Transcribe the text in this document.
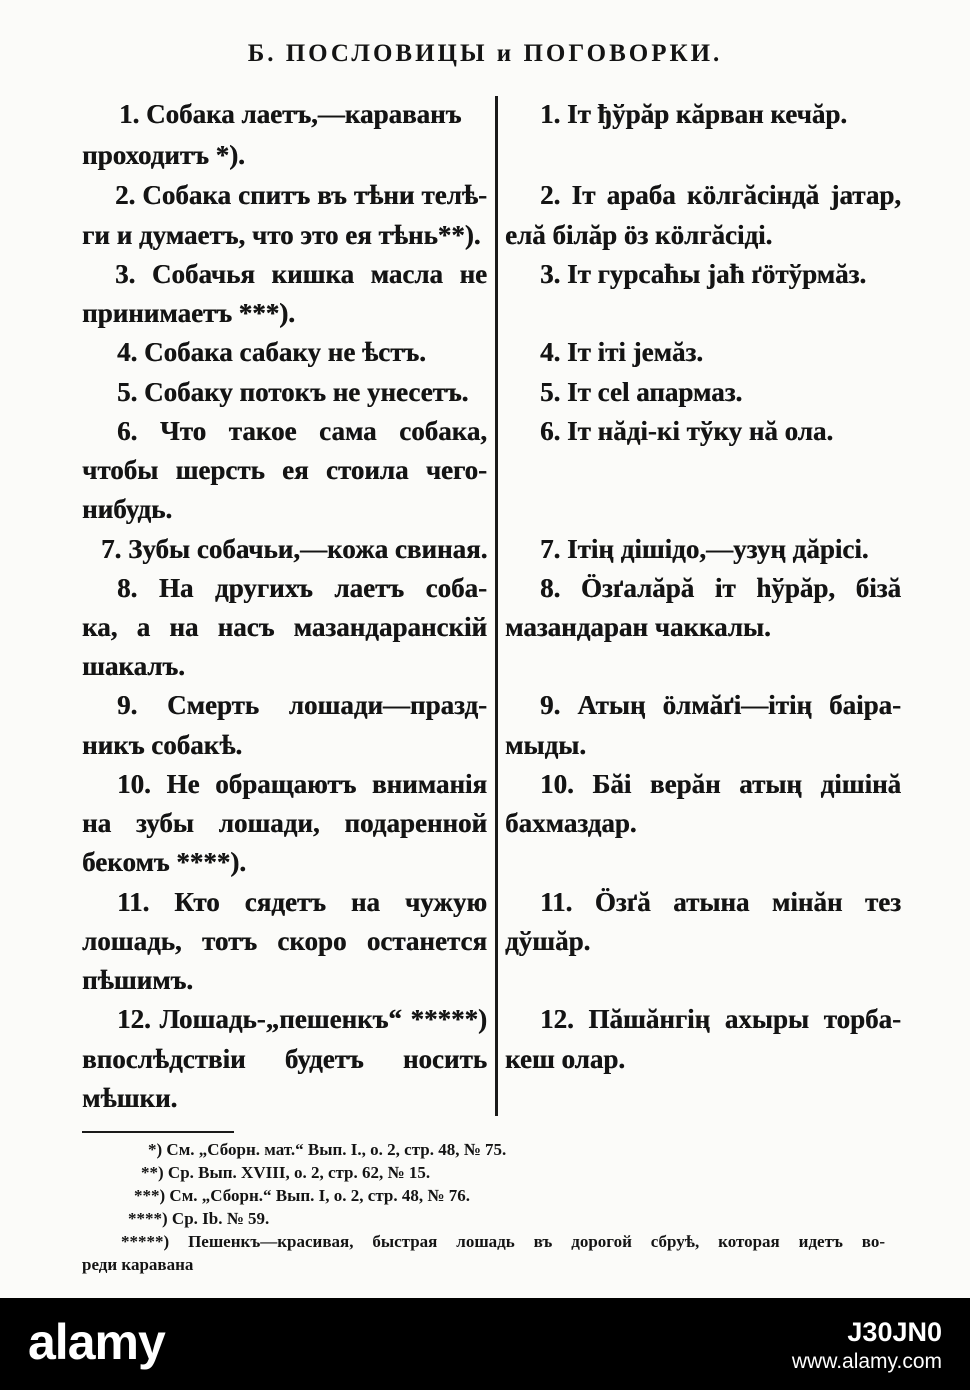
Б. ПОСЛОВИЦЫ и ПОГОВОРКИ.
1. Собака лаетъ,—караванъ
проходитъ *).
2. Собака спитъ въ тѣни телѣ-
ги и думаетъ, что это ея тѣнь**).
3. Собачья кишка масла не
принимаетъ ***).
4. Собака сабаку не ѣстъ.
5. Собаку потокъ не унесетъ.
6. Что такое сама собака,
чтобы шерсть ея стоила чего-
нибудь.
7. Зубы собачьи,—кожа свиная.
8. На другихъ лаетъ соба-
ка, а на насъ мазандаранскій
шакалъ.
9. Смерть лошади—празд-
никъ собакѣ.
10. Не обращаютъ вниманія
на зубы лошади, подаренной
бекомъ ****).
11. Кто сядетъ на чужую
лошадь, тотъ скоро останется
пѣшимъ.
12. Лошадь-„пешенкъ“ *****)
впослѣдствіи будетъ носить
мѣшки.
1. Іт ђўрăр кăрван кечăр.
2. Іт араба кöлгăсіндă jатар,
елă білăр öз кöлгăсіді.
3. Іт гурсаћы jаћ ґöтўрмăз.
4. Іт іті jемăз.
5. Іт сеl апармаз.
6. Іт нăді-кі тўку нă ола.
7. Ітің дішідо,—узуң дăрісі.
8. Öзґалăрă іт һўрăр, бізă
мазандаран чаккалы.
9. Атың öлмăґі—ітің баіра-
мыды.
10. Бăі верăн атың дішінă
бахмаздар.
11. Öзґă атына мінăн тез
дўшăр.
12. Пăшăнгің ахыры торба-
кеш олар.
*) См. „Сборн. мат.“ Вып. I., о. 2, стр. 48, № 75.
**) Ср. Вып. XVIII, о. 2, стр. 62, № 15.
***) См. „Сборн.“ Вып. I, о. 2, стр. 48, № 76.
****) Ср. Ib. № 59.
*****) Пешенкъ—красивая, быстрая лошадь въ дорогой сбруѣ, которая идетъ во-
реди каравана
alamy	J30JN0
www.alamy.com
